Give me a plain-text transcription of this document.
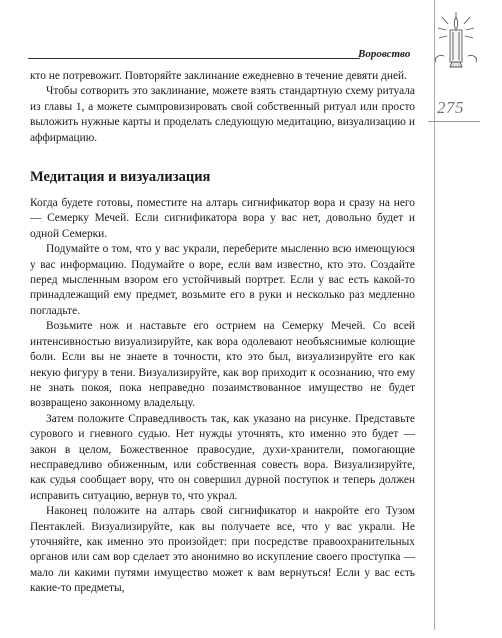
Воровство
275

кто не потревожит. Повторяйте заклинание ежедневно в течение девяти дней.

Чтобы сотворить это заклинание, можете взять стандартную схему ритуала из главы 1, а можете сымпровизировать свой собственный ритуал или просто выложить нужные карты и проделать следующую медитацию, визуализацию и аффирмацию.

Медитация и визуализация

Когда будете готовы, поместите на алтарь сигнификатор вора и сразу на него — Семерку Мечей. Если сигнификатора вора у вас нет, довольно будет и одной Семерки.

Подумайте о том, что у вас украли, переберите мысленно всю имеющуюся у вас информацию. Подумайте о воре, если вам известно, кто это. Создайте перед мысленным взором его устойчивый портрет. Если у вас есть какой-то принадлежащий ему предмет, возьмите его в руки и несколько раз медленно погладьте.

Возьмите нож и наставьте его острием на Семерку Мечей. Со всей интенсивностью визуализируйте, как вора одолевают необъяснимые колющие боли. Если вы не знаете в точности, кто это был, визуализируйте его как некую фигуру в тени. Визуализируйте, как вор приходит к осознанию, что ему не знать покоя, пока неправедно позаимствованное имущество не будет возвращено законному владельцу.

Затем положите Справедливость так, как указано на рисунке. Представьте сурового и гневного судью. Нет нужды уточнять, кто именно это будет — закон в целом, Божественное правосудие, духи-хранители, помогающие несправедливо обиженным, или собственная совесть вора. Визуализируйте, как судья сообщает вору, что он совершил дурной поступок и теперь должен исправить ситуацию, вернув то, что украл.

Наконец положите на алтарь свой сигнификатор и накройте его Тузом Пентаклей. Визуализируйте, как вы получаете все, что у вас украли. Не уточняйте, как именно это произойдет: при посредстве правоохранительных органов или сам вор сделает это анонимно во искупление своего проступка — мало ли какими путями имущество может к вам вернуться! Если у вас есть какие-то предметы,
